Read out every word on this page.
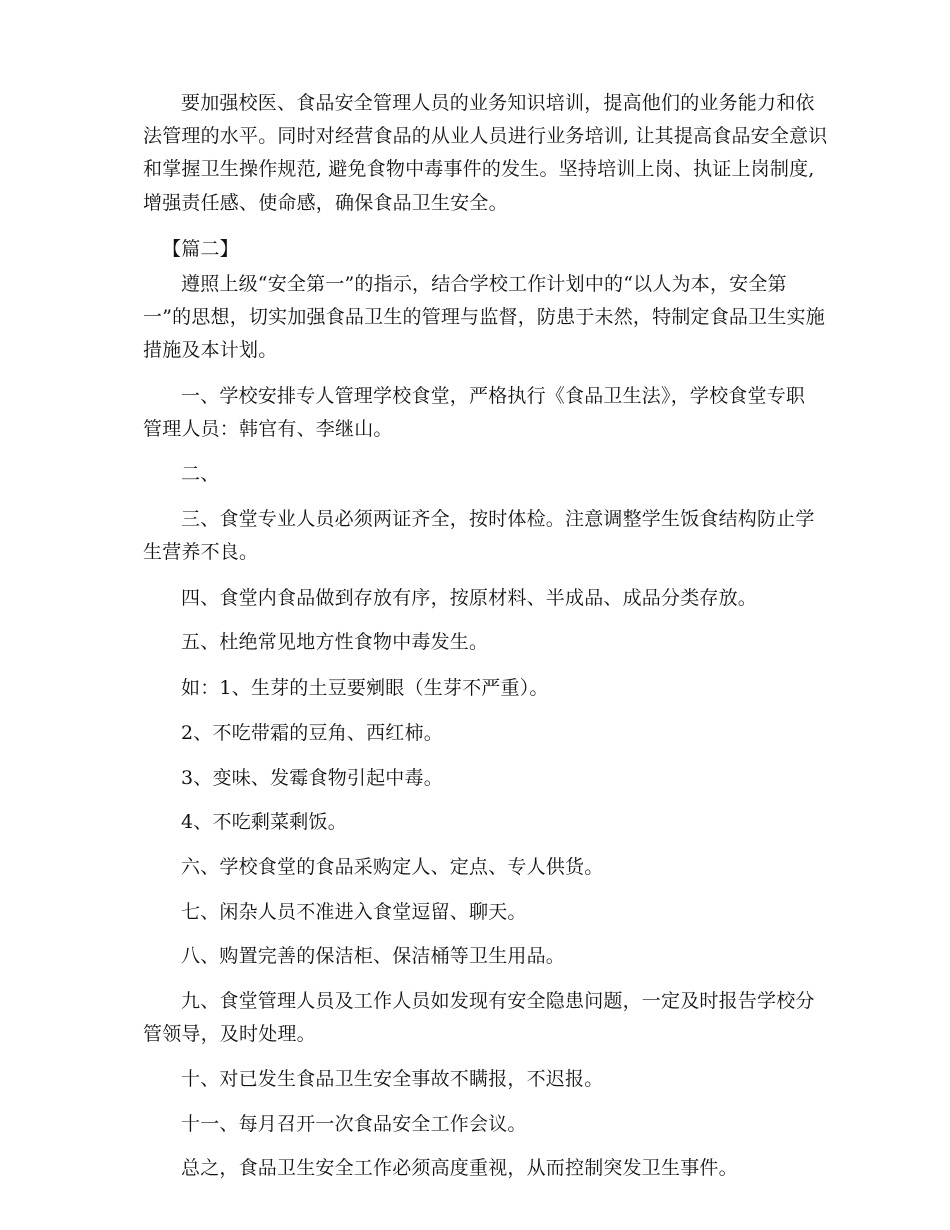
要加强校医、食品安全管理人员的业务知识培训，提高他们的业务能力和依
法管理的水平。同时对经营食品的从业人员进行业务培训, 让其提高食品安全意识
和掌握卫生操作规范, 避免食物中毒事件的发生。坚持培训上岗、执证上岗制度,
增强责任感、使命感，确保食品卫生安全。
【篇二】
遵照上级“安全第一”的指示，结合学校工作计划中的“以人为本，安全第
一”的思想，切实加强食品卫生的管理与监督，防患于未然，特制定食品卫生实施
措施及本计划。
一、学校安排专人管理学校食堂，严格执行《食品卫生法》，学校食堂专职
管理人员：韩官有、李继山。
二、
三、食堂专业人员必须两证齐全，按时体检。注意调整学生饭食结构防止学
生营养不良。
四、食堂内食品做到存放有序，按原材料、半成品、成品分类存放。
五、杜绝常见地方性食物中毒发生。
如：1、生芽的土豆要剜眼（生芽不严重）。
2、不吃带霜的豆角、西红柿。
3、变味、发霉食物引起中毒。
4、不吃剩菜剩饭。
六、学校食堂的食品采购定人、定点、专人供货。
七、闲杂人员不准进入食堂逗留、聊天。
八、购置完善的保洁柜、保洁桶等卫生用品。
九、食堂管理人员及工作人员如发现有安全隐患问题，一定及时报告学校分
管领导，及时处理。
十、对已发生食品卫生安全事故不瞒报，不迟报。
十一、每月召开一次食品安全工作会议。
总之，食品卫生安全工作必须高度重视，从而控制突发卫生事件。
